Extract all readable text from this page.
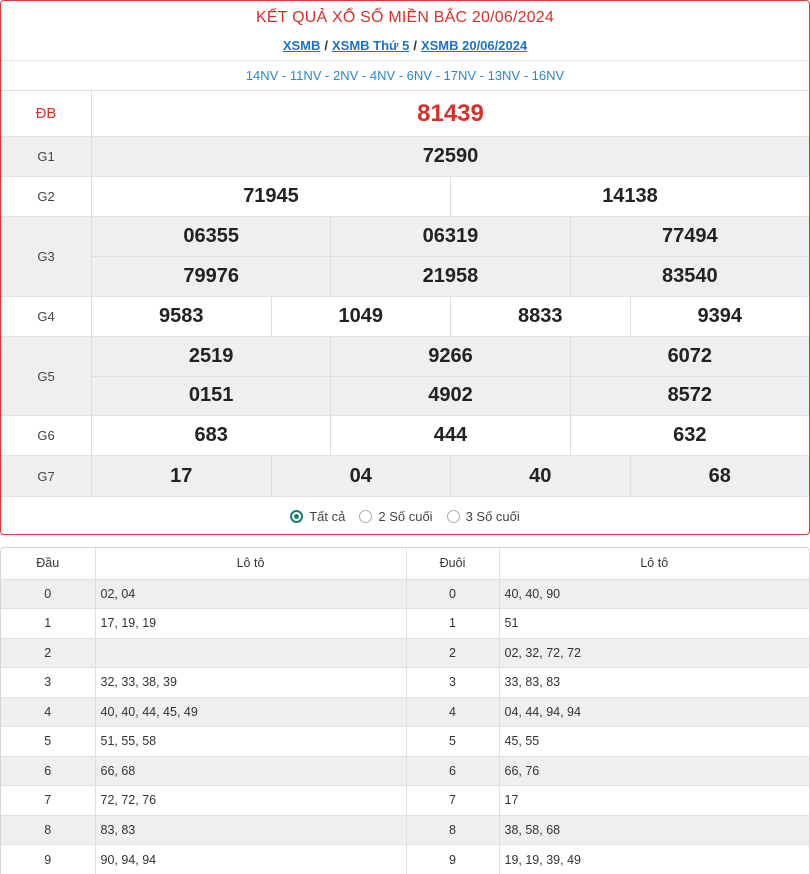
KẾT QUẢ XỔ SỐ MIỀN BẮC 20/06/2024
XSMB / XSMB Thứ 5 / XSMB 20/06/2024
14NV - 11NV - 2NV - 4NV - 6NV - 17NV - 13NV - 16NV
ĐB	81439
G1	72590
G2	71945	14138
G3
06355	06319	77494
79976	21958	83540
G4	9583	1049	8833	9394
G5
2519	9266	6072
0151	4902	8572
G6	683	444	632
G7	17	04	40	68
Tất cả	2 Số cuối	3 Số cuối
Đầu	Lô tô	Đuôi	Lô tô
0	02, 04	0	40, 40, 90
1	17, 19, 19	1	51
2		2	02, 32, 72, 72
3	32, 33, 38, 39	3	33, 83, 83
4	40, 40, 44, 45, 49	4	04, 44, 94, 94
5	51, 55, 58	5	45, 55
6	66, 68	6	66, 76
7	72, 72, 76	7	17
8	83, 83	8	38, 58, 68
9	90, 94, 94	9	19, 19, 39, 49
